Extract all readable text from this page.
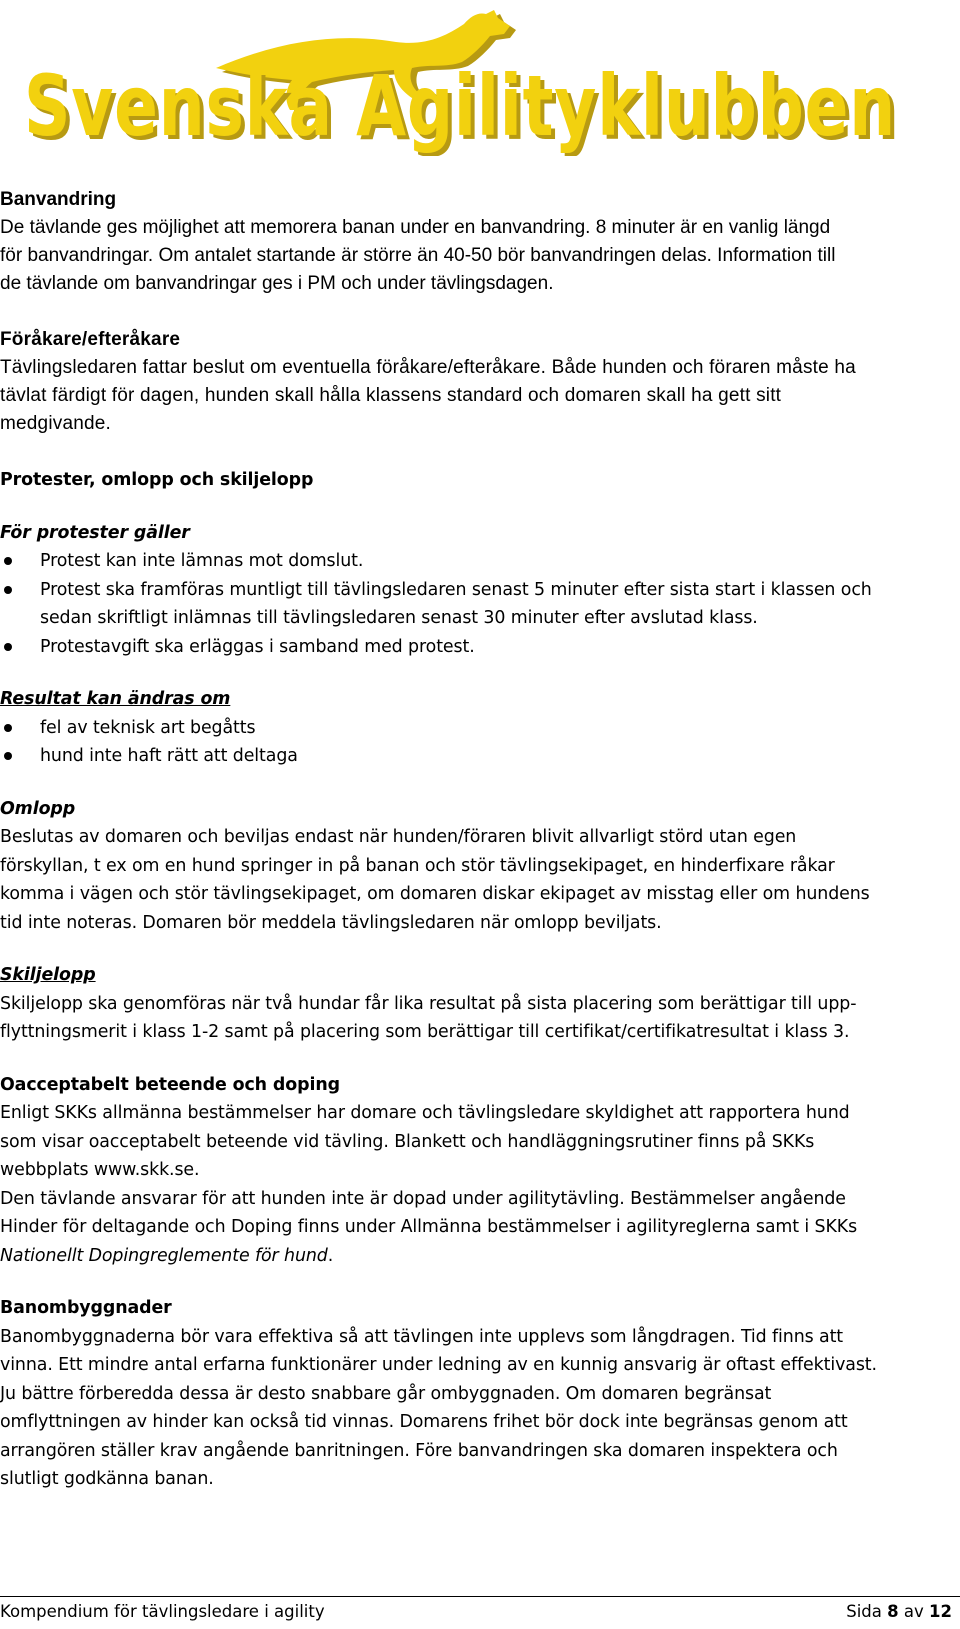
Svenska Agilityklubben
Svenska Agilityklubben

Banvandring

De tävlande ges möjlighet att memorera banan under en banvandring. 8 minuter är en vanlig längd

för banvandringar. Om antalet startande är större än 40-50 bör banvandringen delas. Information till

de tävlande om banvandringar ges i PM och under tävlingsdagen.

Föråkare/efteråkare

Tävlingsledaren fattar beslut om eventuella föråkare/efteråkare. Både hunden och föraren måste ha

tävlat färdigt för dagen, hunden skall hålla klassens standard och domaren skall ha gett sitt

medgivande.

Protester, omlopp och skiljelopp

För protester gäller

Protest kan inte lämnas mot domslut.
Protest ska framföras muntligt till tävlingsledaren senast 5 minuter efter sista start i klassen och
sedan skriftligt inlämnas till tävlingsledaren senast 30 minuter efter avslutad klass.
Protestavgift ska erläggas i samband med protest.

Resultat kan ändras om

fel av teknisk art begåtts
hund inte haft rätt att deltaga

Omlopp

Beslutas av domaren och beviljas endast när hunden/föraren blivit allvarligt störd utan egen

förskyllan, t ex om en hund springer in på banan och stör tävlingsekipaget, en hinderfixare råkar

komma i vägen och stör tävlingsekipaget, om domaren diskar ekipaget av misstag eller om hundens

tid inte noteras. Domaren bör meddela tävlingsledaren när omlopp beviljats.

Skiljelopp

Skiljelopp ska genomföras när två hundar får lika resultat på sista placering som berättigar till upp-

flyttningsmerit i klass 1-2 samt på placering som berättigar till certifikat/certifikatresultat i klass 3.

Oacceptabelt beteende och doping

Enligt SKKs allmänna bestämmelser har domare och tävlingsledare skyldighet att rapportera hund

som visar oacceptabelt beteende vid tävling. Blankett och handläggningsrutiner finns på SKKs

webbplats www.skk.se.

Den tävlande ansvarar för att hunden inte är dopad under agilitytävling. Bestämmelser angående

Hinder för deltagande och Doping finns under Allmänna bestämmelser i agilityreglerna samt i SKKs

Nationellt Dopingreglemente för hund.

Banombyggnader

Banombyggnaderna bör vara effektiva så att tävlingen inte upplevs som långdragen. Tid finns att

vinna. Ett mindre antal erfarna funktionärer under ledning av en kunnig ansvarig är oftast effektivast.

Ju bättre förberedda dessa är desto snabbare går ombyggnaden. Om domaren begränsat

omflyttningen av hinder kan också tid vinnas. Domarens frihet bör dock inte begränsas genom att

arrangören ställer krav angående banritningen. Före banvandringen ska domaren inspektera och

slutligt godkänna banan.

Kompendium för tävlingsledare i agility	Sida 8 av 12
